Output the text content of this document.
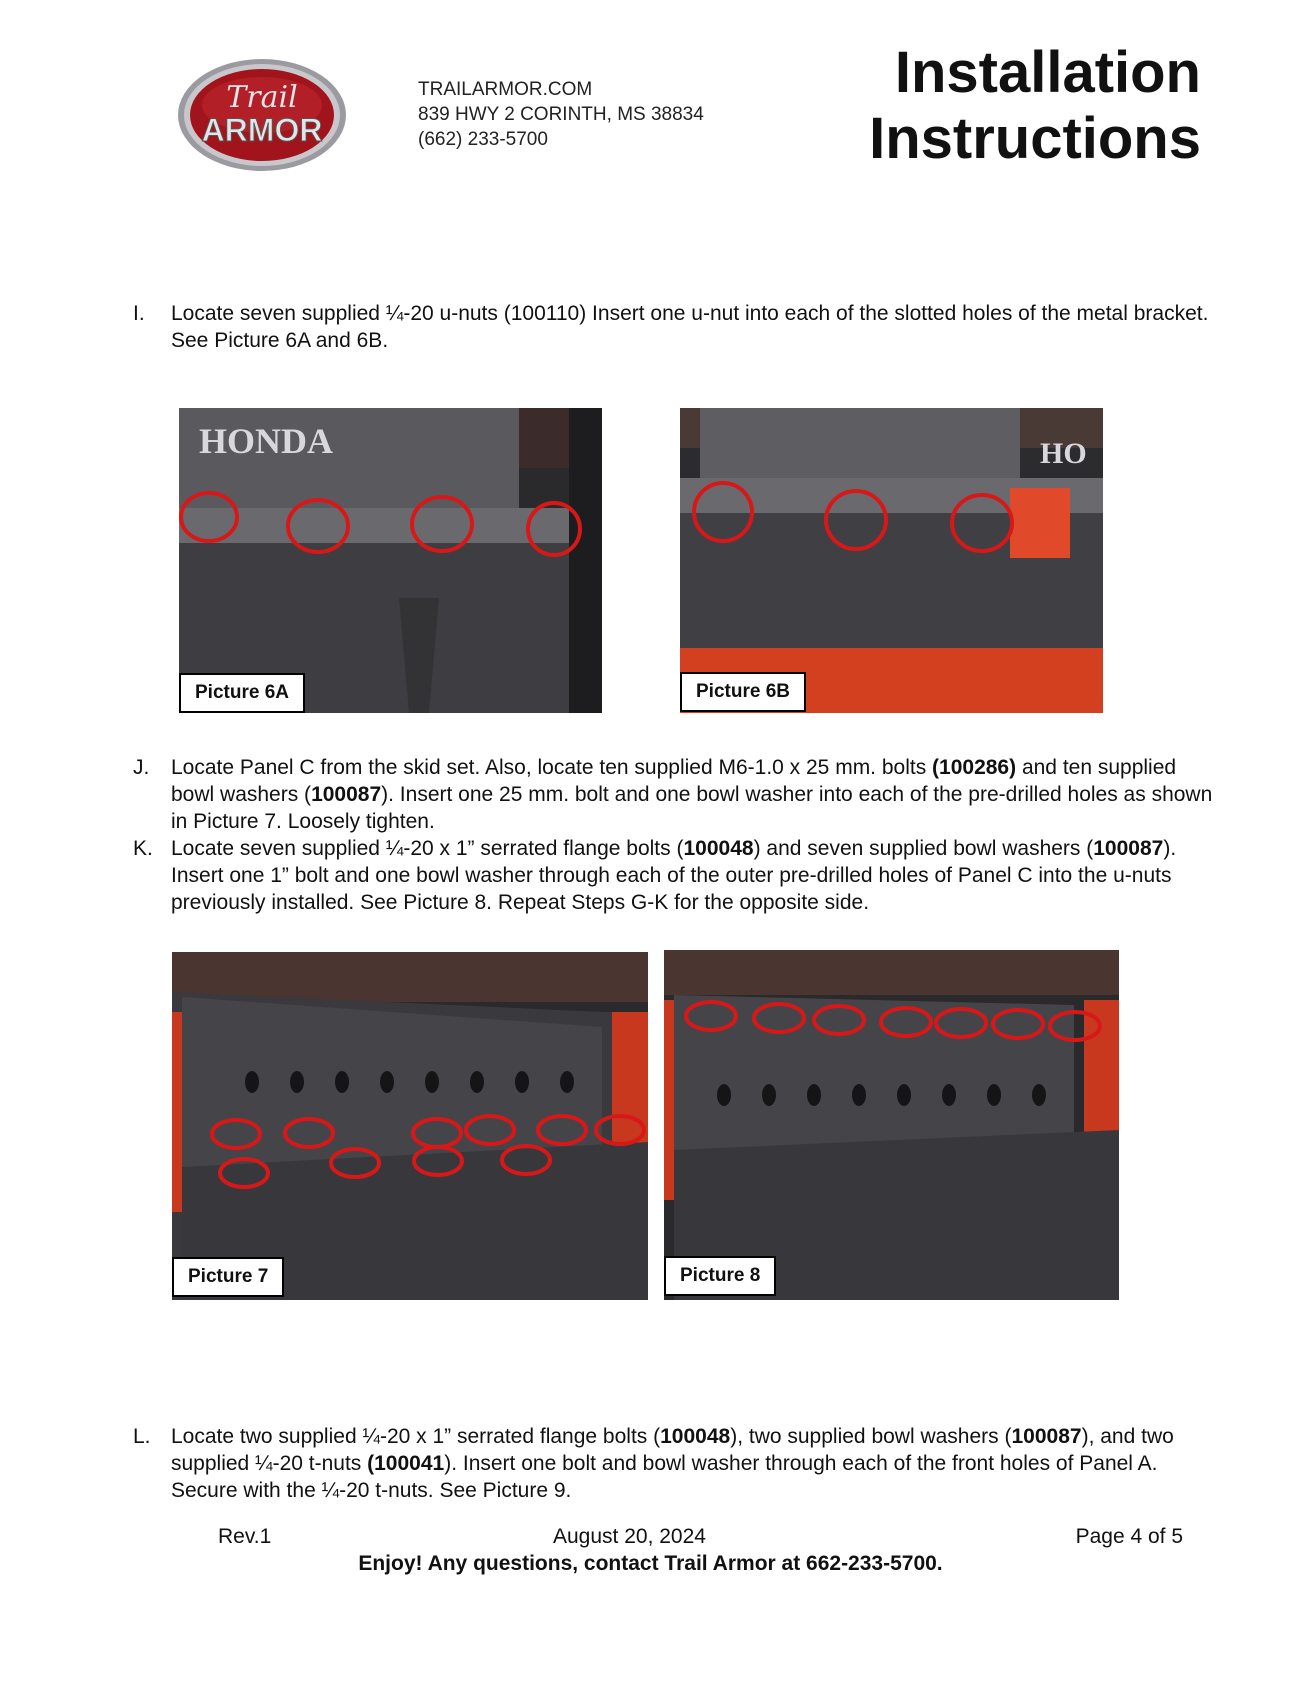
Trail
ARMOR
TRAILARMOR.COM
839 HWY 2 CORINTH, MS 38834
(662) 233-5700
Installation
Instructions
I.	Locate seven supplied ¼-20 u-nuts (100110) Insert one u-nut into each of the slotted holes of the metal bracket. See Picture 6A and 6B.
HONDA
Picture 6A
HO
Picture 6B
J.	Locate Panel C from the skid set. Also, locate ten supplied M6-1.0 x 25 mm. bolts (100286) and ten supplied bowl washers (100087). Insert one 25 mm. bolt and one bowl washer into each of the pre-drilled holes as shown in Picture 7. Loosely tighten.
K. Locate seven supplied ¼-20 x 1” serrated flange bolts (100048) and seven supplied bowl washers (100087). Insert one 1” bolt and one bowl washer through each of the outer pre-drilled holes of Panel C into the u-nuts previously installed. See Picture 8. Repeat Steps G-K for the opposite side.
Picture 7	Picture 8
L. Locate two supplied ¼-20 x 1” serrated flange bolts (100048), two supplied bowl washers (100087), and two supplied ¼-20 t-nuts (100041). Insert one bolt and bowl washer through each of the front holes of Panel A. Secure with the ¼-20 t-nuts. See Picture 9.
Rev.1	August 20, 2024	Page 4 of 5
Enjoy! Any questions, contact Trail Armor at 662-233-5700.
